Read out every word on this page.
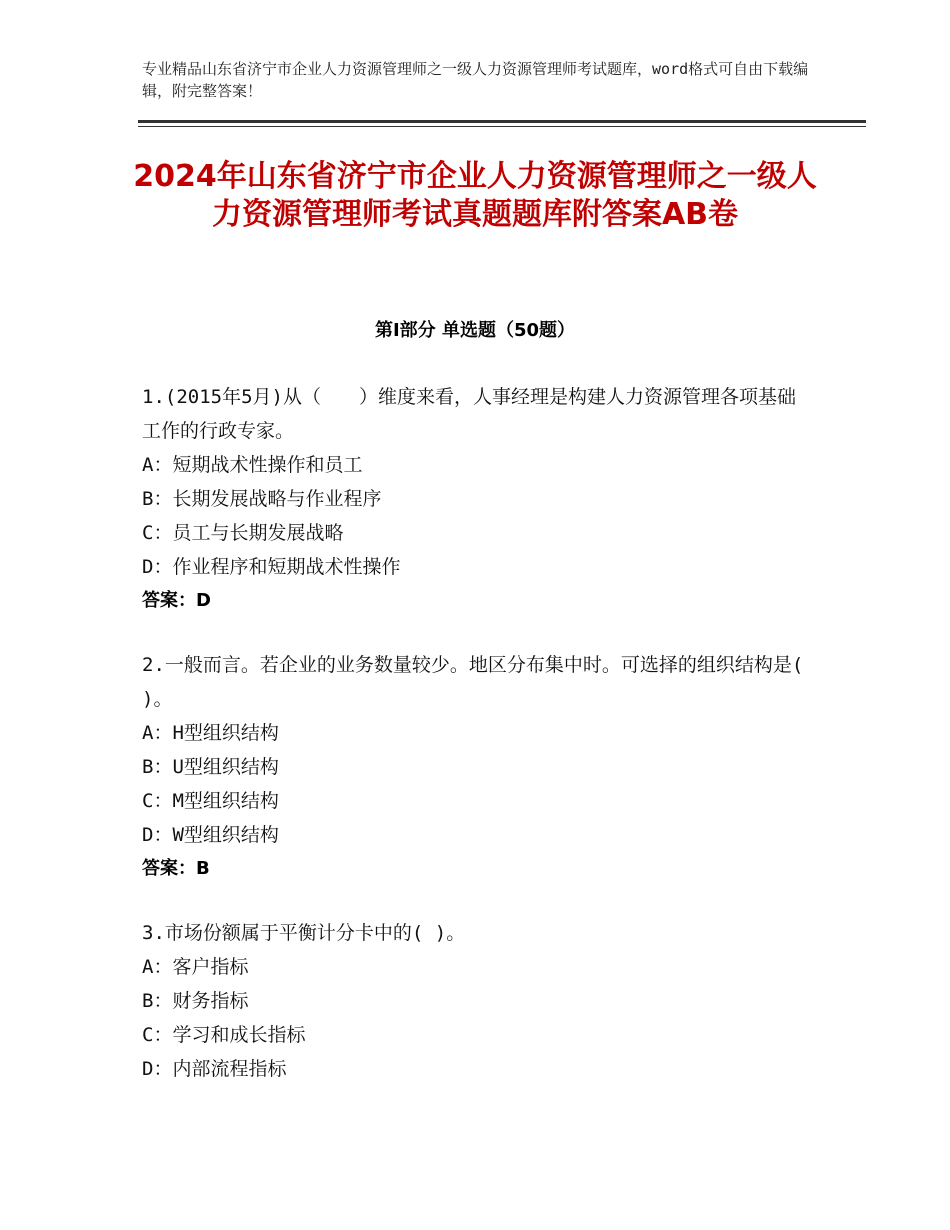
专业精品山东省济宁市企业人力资源管理师之一级人力资源管理师考试题库，word格式可自由下载编辑，附完整答案！
2024年山东省济宁市企业人力资源管理师之一级人力资源管理师考试真题题库附答案AB卷
第Ⅰ部分 单选题（50题）
1.(2015年5月)从（　　）维度来看，人事经理是构建人力资源管理各项基础工作的行政专家。
A：短期战术性操作和员工
B：长期发展战略与作业程序
C：员工与长期发展战略
D：作业程序和短期战术性操作
答案：D
2.一般而言。若企业的业务数量较少。地区分布集中时。可选择的组织结构是( )。
A：H型组织结构
B：U型组织结构
C：M型组织结构
D：W型组织结构
答案：B
3.市场份额属于平衡计分卡中的( )。
A：客户指标
B：财务指标
C：学习和成长指标
D：内部流程指标
